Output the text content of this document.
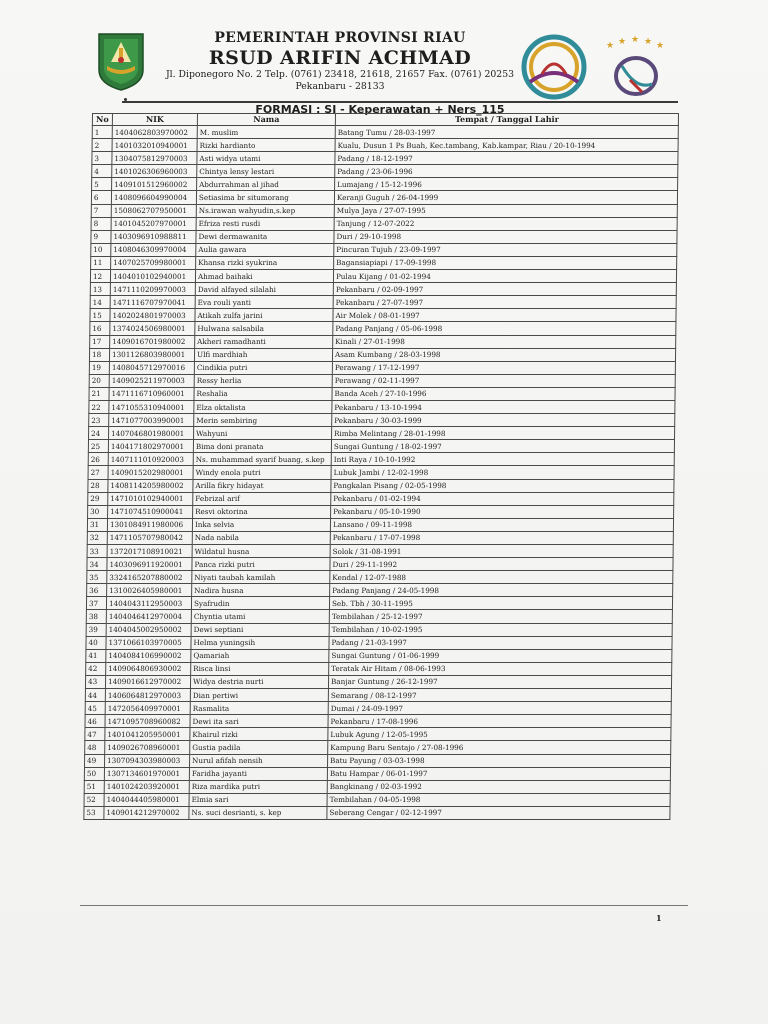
PEMERINTAH PROVINSI RIAU
RSUD ARIFIN ACHMAD
Jl. Diponegoro No. 2 Telp. (0761) 23418, 21618, 21657 Fax. (0761) 20253
Pekanbaru - 28133
★ ★ ★ ★ ★
FORMASI : SI - Keperawatan + Ners_115
No	NIK	Nama	Tempat / Tanggal Lahir
1	1404062803970002	M. muslim	Batang Tumu / 28-03-1997
2	1401032010940001	Rizki hardianto	Kualu, Dusun 1 Ps Buah, Kec.tambang, Kab.kampar, Riau / 20-10-1994
3	1304075812970003	Asti widya utami	Padang / 18-12-1997
4	1401026306960003	Chintya lensy lestari	Padang / 23-06-1996
5	1409101512960002	Abdurrahman al jihad	Lumajang / 15-12-1996
6	1408096604990004	Setiasima br situmorang	Keranji Guguh / 26-04-1999
7	1508062707950001	Ns.irawan wahyudin,s.kep	Mulya Jaya / 27-07-1995
8	1401045207970001	Efriza resti rusdi	Tanjung / 12-07-2022
9	1403096910988811	Dewi dermawanita	Duri / 29-10-1998
10	1408046309970004	Aulia gawara	Pincuran Tujuh / 23-09-1997
11	1407025709980001	Khansa rizki syukrina	Bagansiapiapi / 17-09-1998
12	1404010102940001	Ahmad baihaki	Pulau Kijang / 01-02-1994
13	1471110209970003	David alfayed silalahi	Pekanbaru / 02-09-1997
14	1471116707970041	Eva rouli yanti	Pekanbaru / 27-07-1997
15	1402024801970003	Atikah zulfa jarini	Air Molek / 08-01-1997
16	1374024506980001	Hulwana salsabila	Padang Panjang / 05-06-1998
17	1409016701980002	Akheri ramadhanti	Kinali / 27-01-1998
18	1301126803980001	Ulfi mardhiah	Asam Kumbang / 28-03-1998
19	1408045712970016	Cindikia putri	Perawang / 17-12-1997
20	1409025211970003	Ressy herlia	Perawang / 02-11-1997
21	1471116710960001	Reshalia	Banda Aceh / 27-10-1996
22	1471055310940001	Elza oktalista	Pekanbaru / 13-10-1994
23	1471077003990001	Merin sembiring	Pekanbaru / 30-03-1999
24	1407046801980001	Wahyuni	Rimba Melintang / 28-01-1998
25	1404171802970001	Bima doni pranata	Sungai Guntung / 18-02-1997
26	1407111010920003	Ns. muhammad syarif buang, s.kep	Inti Raya / 10-10-1992
27	1409015202980001	Windy enola putri	Lubuk Jambi / 12-02-1998
28	1408114205980002	Arilla fikry hidayat	Pangkalan Pisang / 02-05-1998
29	1471010102940001	Febrizal arif	Pekanbaru / 01-02-1994
30	1471074510900041	Resvi oktorina	Pekanbaru / 05-10-1990
31	1301084911980006	Inka selvia	Lansano / 09-11-1998
32	1471105707980042	Nada nabila	Pekanbaru / 17-07-1998
33	1372017108910021	Wildatul husna	Solok / 31-08-1991
34	1403096911920001	Panca rizki putri	Duri / 29-11-1992
35	3324165207880002	Niyati taubah kamilah	Kendal / 12-07-1988
36	1310026405980001	Nadira husna	Padang Panjang / 24-05-1998
37	1404043112950003	Syafrudin	Seb. Tbh / 30-11-1995
38	1404046412970004	Chyntia utami	Tembilahan / 25-12-1997
39	1404045002950002	Dewi septiani	Tembilahan / 10-02-1995
40	1371066103970005	Helma yuningsih	Padang / 21-03-1997
41	1404084106990002	Qamariah	Sungai Guntung / 01-06-1999
42	1409064806930002	Risca linsi	Teratak Air Hitam / 08-06-1993
43	1409016612970002	Widya destria nurti	Banjar Guntung / 26-12-1997
44	1406064812970003	Dian pertiwi	Semarang / 08-12-1997
45	1472056409970001	Rasmalita	Dumai / 24-09-1997
46	1471095708960082	Dewi ita sari	Pekanbaru / 17-08-1996
47	1401041205950001	Khairul rizki	Lubuk Agung / 12-05-1995
48	1409026708960001	Gustia padila	Kampung Baru Sentajo / 27-08-1996
49	1307094303980003	Nurul afifah nensih	Batu Payung / 03-03-1998
50	1307134601970001	Faridha jayanti	Batu Hampar / 06-01-1997
51	1401024203920001	Riza mardika putri	Bangkinang / 02-03-1992
52	1404044405980001	Elmia sari	Tembilahan / 04-05-1998
53	1409014212970002	Ns. suci desrianti, s. kep	Seberang Cengar / 02-12-1997
1
